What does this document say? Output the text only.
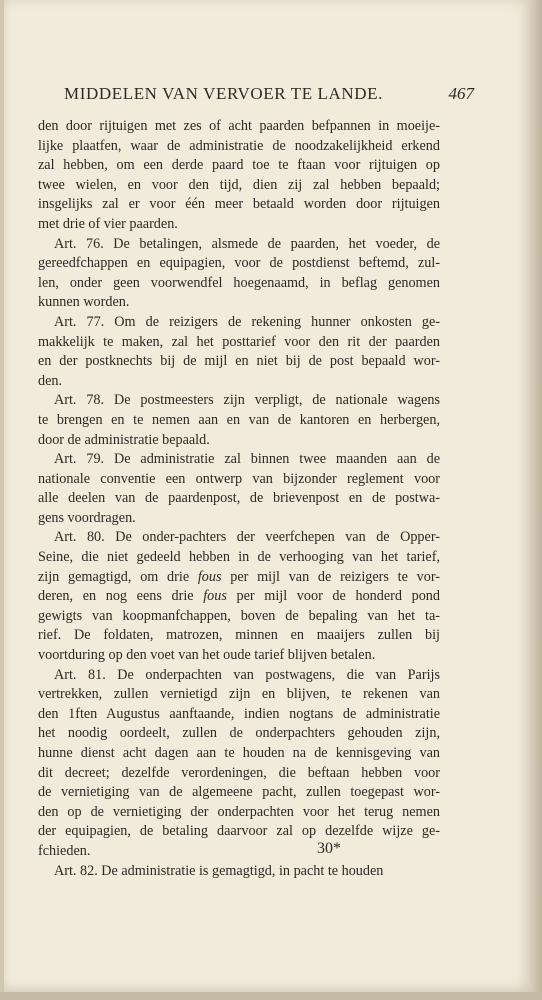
MIDDELEN VAN VERVOER TE LANDE.	467
den door rijtuigen met zes of acht paarden befpannen in moeije-
lijke plaatfen, waar de administratie de noodzakelijkheid erkend
zal hebben, om een derde paard toe te ftaan voor rijtuigen op
twee wielen, en voor den tijd, dien zij zal hebben bepaald;
insgelijks zal er voor één meer betaald worden door rijtuigen
met drie of vier paarden.
Art. 76. De betalingen, alsmede de paarden, het voeder, de
gereedfchappen en equipagien, voor de postdienst beftemd, zul-
len, onder geen voorwendfel hoegenaamd, in beflag genomen
kunnen worden.
Art. 77. Om de reizigers de rekening hunner onkosten ge-
makkelijk te maken, zal het posttarief voor den rit der paarden
en der postknechts bij de mijl en niet bij de post bepaald wor-
den.
Art. 78. De postmeesters zijn verpligt, de nationale wagens
te brengen en te nemen aan en van de kantoren en herbergen,
door de administratie bepaald.
Art. 79. De administratie zal binnen twee maanden aan de
nationale conventie een ontwerp van bijzonder reglement voor
alle deelen van de paardenpost, de brievenpost en de postwa-
gens voordragen.
Art. 80. De onder-pachters der veerfchepen van de Opper-
Seine, die niet gedeeld hebben in de verhooging van het tarief,
zijn gemagtigd, om drie fous per mijl van de reizigers te vor-
deren, en nog eens drie fous per mijl voor de honderd pond
gewigts van koopmanfchappen, boven de bepaling van het ta-
rief. De foldaten, matrozen, minnen en maaijers zullen bij
voortduring op den voet van het oude tarief blijven betalen.
Art. 81. De onderpachten van postwagens, die van Parijs
vertrekken, zullen vernietigd zijn en blijven, te rekenen van
den 1ften Augustus aanftaande, indien nogtans de administratie
het noodig oordeelt, zullen de onderpachters gehouden zijn,
hunne dienst acht dagen aan te houden na de kennisgeving van
dit decreet; dezelfde verordeningen, die beftaan hebben voor
de vernietiging van de algemeene pacht, zullen toegepast wor-
den op de vernietiging der onderpachten voor het terug nemen
der equipagien, de betaling daarvoor zal op dezelfde wijze ge-
fchieden.
Art. 82. De administratie is gemagtigd, in pacht te houden
30*
